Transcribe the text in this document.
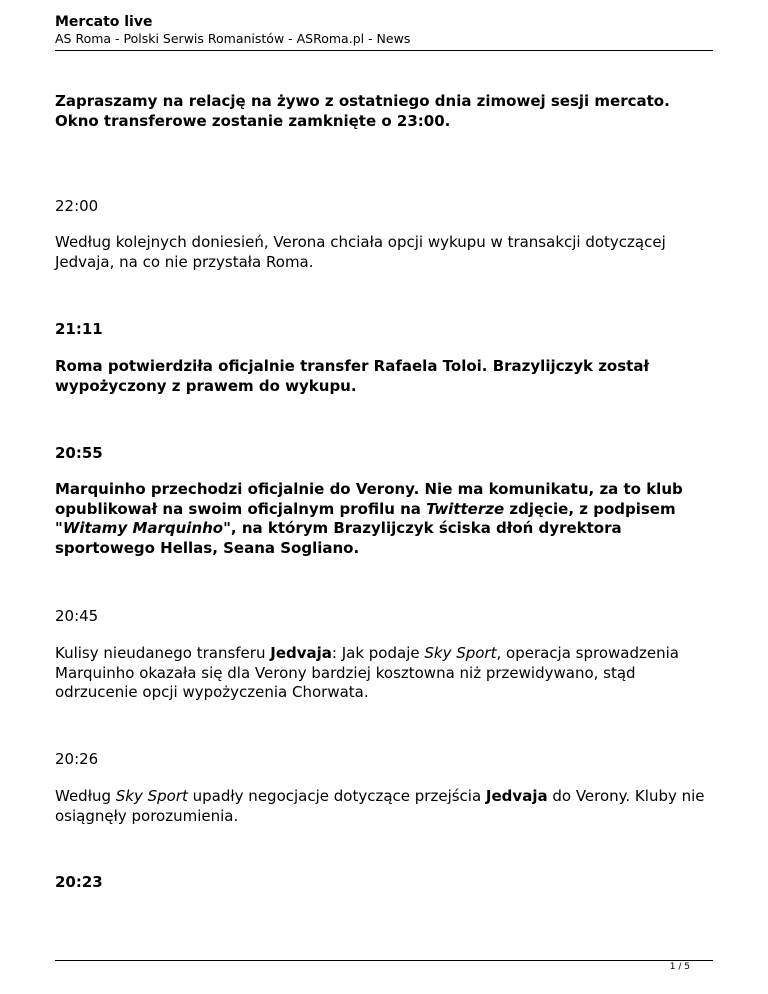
Mercato live
AS Roma - Polski Serwis Romanistów - ASRoma.pl - News

Zapraszamy na relację na żywo z ostatniego dnia zimowej sesji mercato. Okno transferowe zostanie zamknięte o 23:00.

22:00

Według kolejnych doniesień, Verona chciała opcji wykupu w transakcji dotyczącej Jedvaja, na co nie przystała Roma.

21:11

Roma potwierdziła oficjalnie transfer Rafaela Toloi. Brazylijczyk został wypożyczony z prawem do wykupu.

20:55

Marquinho przechodzi oficjalnie do Verony. Nie ma komunikatu, za to klub opublikował na swoim oficjalnym profilu na Twitterze zdjęcie, z podpisem "Witamy Marquinho", na którym Brazylijczyk ściska dłoń dyrektora sportowego Hellas, Seana Sogliano.

20:45

Kulisy nieudanego transferu Jedvaja: Jak podaje Sky Sport, operacja sprowadzenia Marquinho okazała się dla Verony bardziej kosztowna niż przewidywano, stąd odrzucenie opcji wypożyczenia Chorwata.

20:26

Według Sky Sport upadły negocjacje dotyczące przejścia Jedvaja do Verony. Kluby nie osiągnęły porozumienia.

20:23

1 / 5
